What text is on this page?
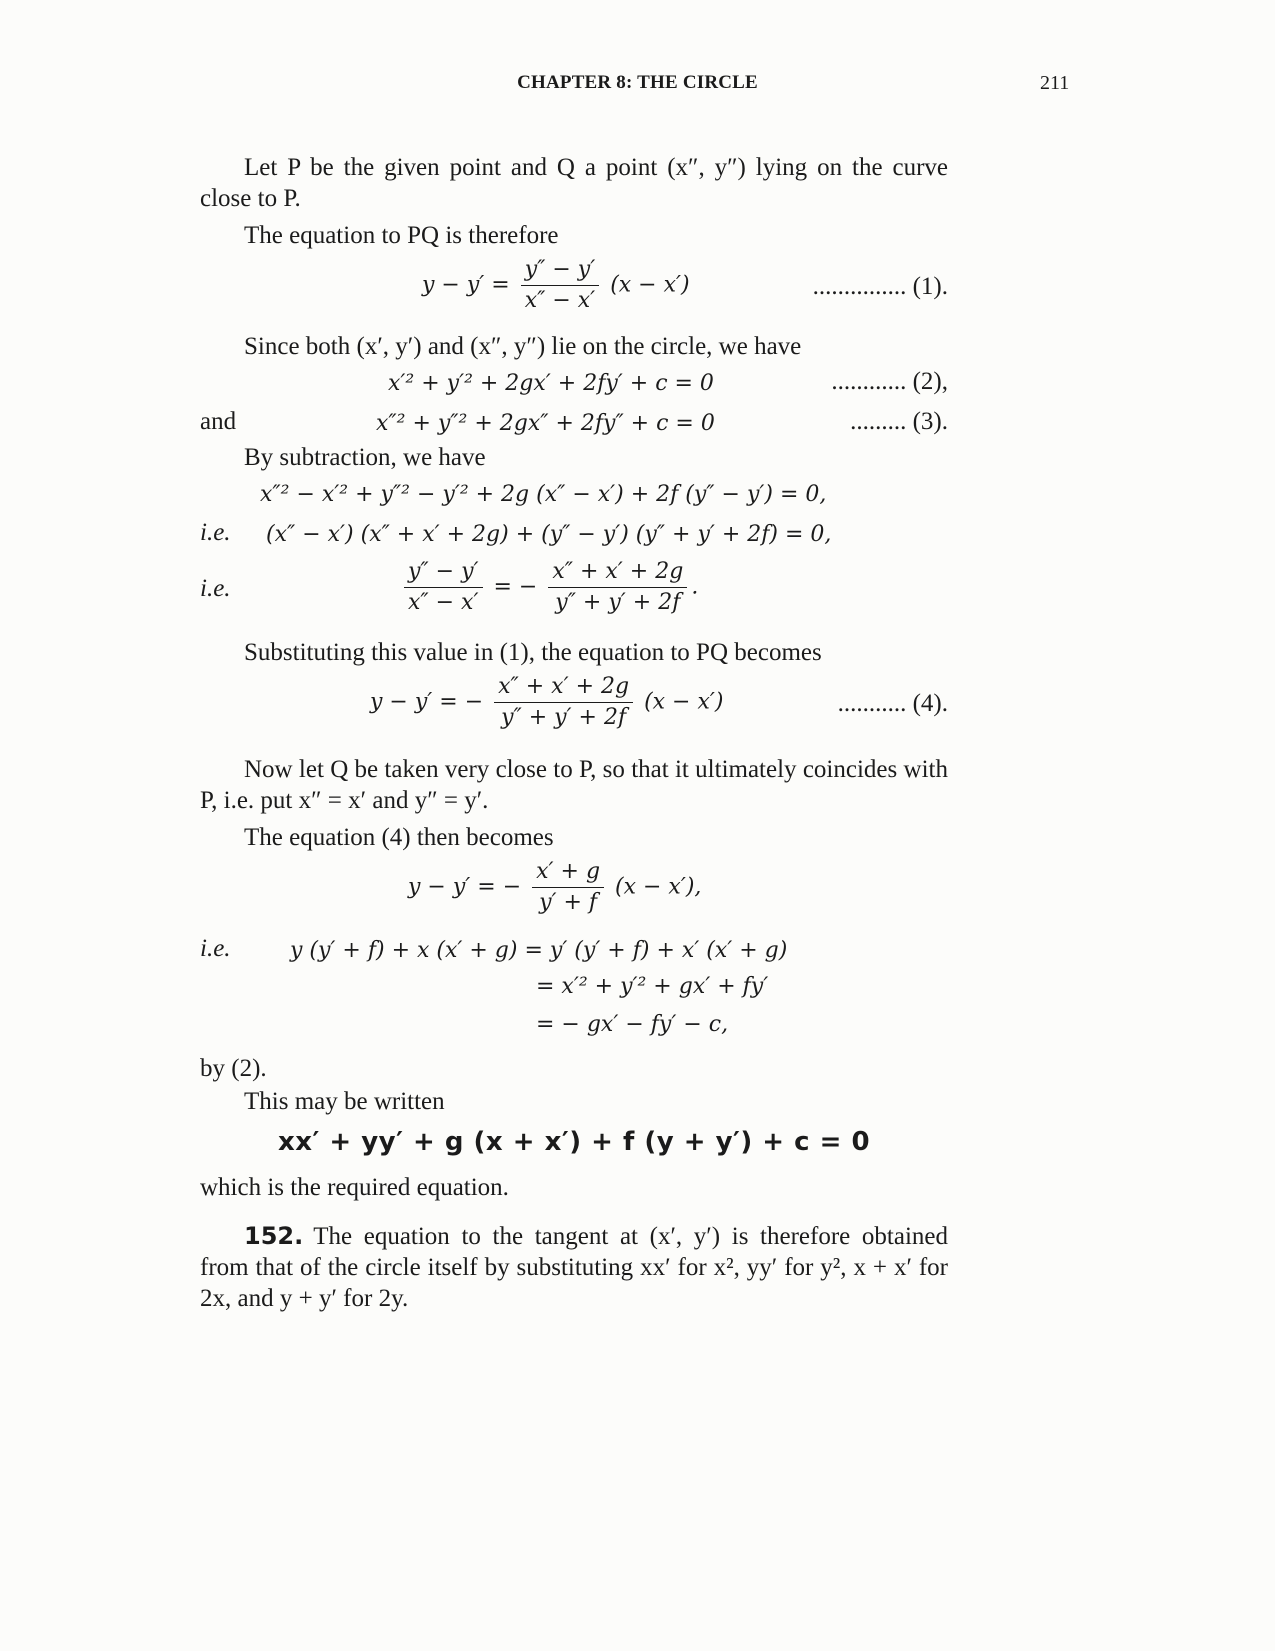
CHAPTER 8: THE CIRCLE	211

Let P be the given point and Q a point (x″, y″) lying on the curve close to P.

The equation to PQ is therefore

$y - y' = \frac{y'' - y'}{x'' - x'} (x - x')$	............... (1).

Since both (x′, y′) and (x″, y″) lie on the circle, we have

x′² + y′² + 2gx′ + 2fy′ + c = 0	............ (2),
and	x″² + y″² + 2gx″ + 2fy″ + c = 0	......... (3).

By subtraction, we have

x″² − x′² + y″² − y′² + 2g (x″ − x′) + 2f (y″ − y′) = 0,
i.e. (x″ − x′) (x″ + x′ + 2g) + (y″ − y′) (y″ + y′ + 2f) = 0,
i.e.	$\frac{y'' - y'}{x'' - x'}$ = − $\frac{x'' + x' + 2g}{y'' + y' + 2f}$ .

Substituting this value in (1), the equation to PQ becomes

y − y′ = − $\frac{x'' + x' + 2g}{y'' + y' + 2f} (x - x')$	........... (4).

Now let Q be taken very close to P, so that it ultimately coincides with P, i.e. put x″ = x′ and y″ = y′.

The equation (4) then becomes

y − y′ = − $\frac{x' + g}{y' + f} (x - x')$,
i.e.	y (y′ + f) + x (x′ + g) = y′ (y′ + f) + x′ (x′ + g)
= x′² + y′² + gx′ + fy′
= − gx′ − fy′ − c,

by (2).

This may be written

xx′ + yy′ + g (x + x′) + f (y + y′) + c = 0

which is the required equation.

152. The equation to the tangent at (x′, y′) is therefore obtained from that of the circle itself by substituting xx′ for x², yy′ for y², x + x′ for 2x, and y + y′ for 2y.
